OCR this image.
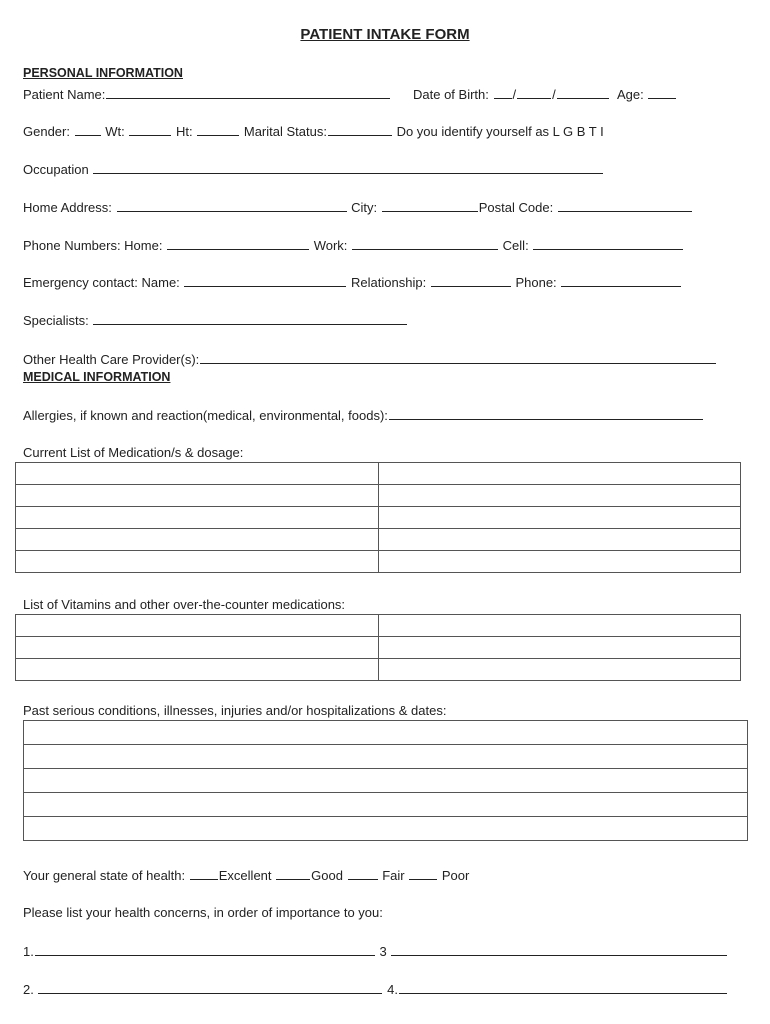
PATIENT INTAKE FORM
PERSONAL INFORMATION
Patient Name:	Date of Birth: /	/	Age:
Gender:	Wt:	Ht:	Marital Status:	Do you identify yourself as L G B T I
Occupation
Home Address:	City:	Postal Code:
Phone Numbers: Home:	Work:	Cell:
Emergency contact: Name:	Relationship:	Phone:
Specialists:
Other Health Care Provider(s):
MEDICAL INFORMATION
Allergies, if known and reaction(medical, environmental, foods):
Current List of Medication/s & dosage:

List of Vitamins and other over-the-counter medications:

Past serious conditions, illnesses, injuries and/or hospitalizations & dates:

Your general state of health:	Excellent	Good	Fair	Poor
Please list your health concerns, in order of importance to you:
1.	3
2.	4.
